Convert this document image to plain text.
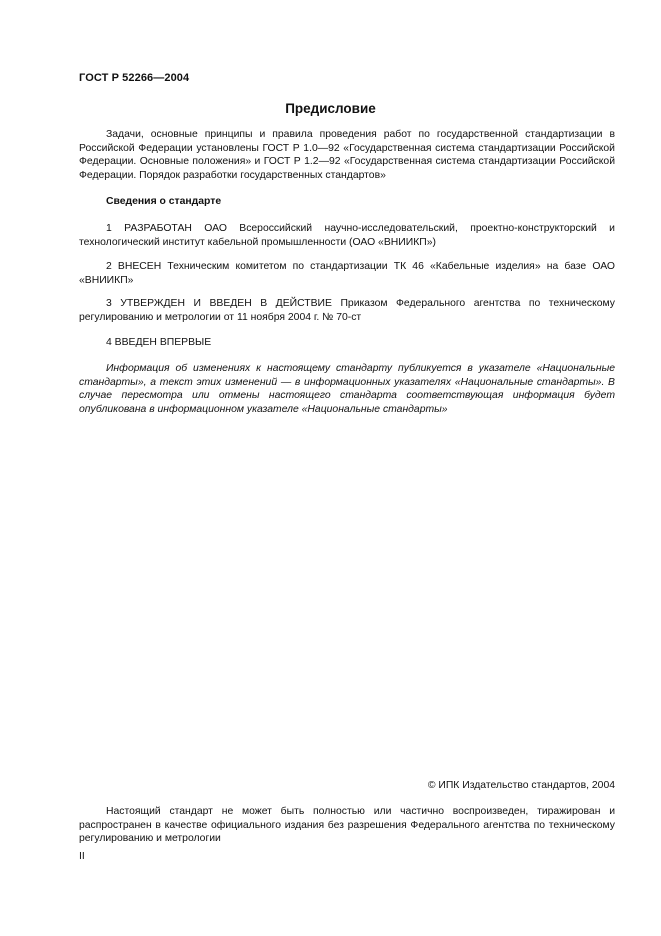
ГОСТ Р 52266—2004
Предисловие

Задачи, основные принципы и правила проведения работ по государственной стандартизации в Российской Федерации установлены ГОСТ Р 1.0—92 «Государственная система стандартизации Российской Федерации. Основные положения» и ГОСТ Р 1.2—92 «Государственная система стандартизации Российской Федерации. Порядок разработки государственных стандартов»

Сведения о стандарте

1 РАЗРАБОТАН ОАО Всероссийский научно-исследовательский, проектно-конструкторский и технологический институт кабельной промышленности (ОАО «ВНИИКП»)

2 ВНЕСЕН Техническим комитетом по стандартизации ТК 46 «Кабельные изделия» на базе ОАО «ВНИИКП»

3 УТВЕРЖДЕН И ВВЕДЕН В ДЕЙСТВИЕ Приказом Федерального агентства по техническому регулированию и метрологии от 11 ноября 2004 г. № 70-ст

4 ВВЕДЕН ВПЕРВЫЕ

Информация об изменениях к настоящему стандарту публикуется в указателе «Национальные стандарты», а текст этих изменений — в информационных указателях «Национальные стандарты». В случае пересмотра или отмены настоящего стандарта соответствующая информация будет опубликована в информационном указателе «Национальные стандарты»

© ИПК Издательство стандартов, 2004

Настоящий стандарт не может быть полностью или частично воспроизведен, тиражирован и распространен в качестве официального издания без разрешения Федерального агентства по техническому регулированию и метрологии

II
